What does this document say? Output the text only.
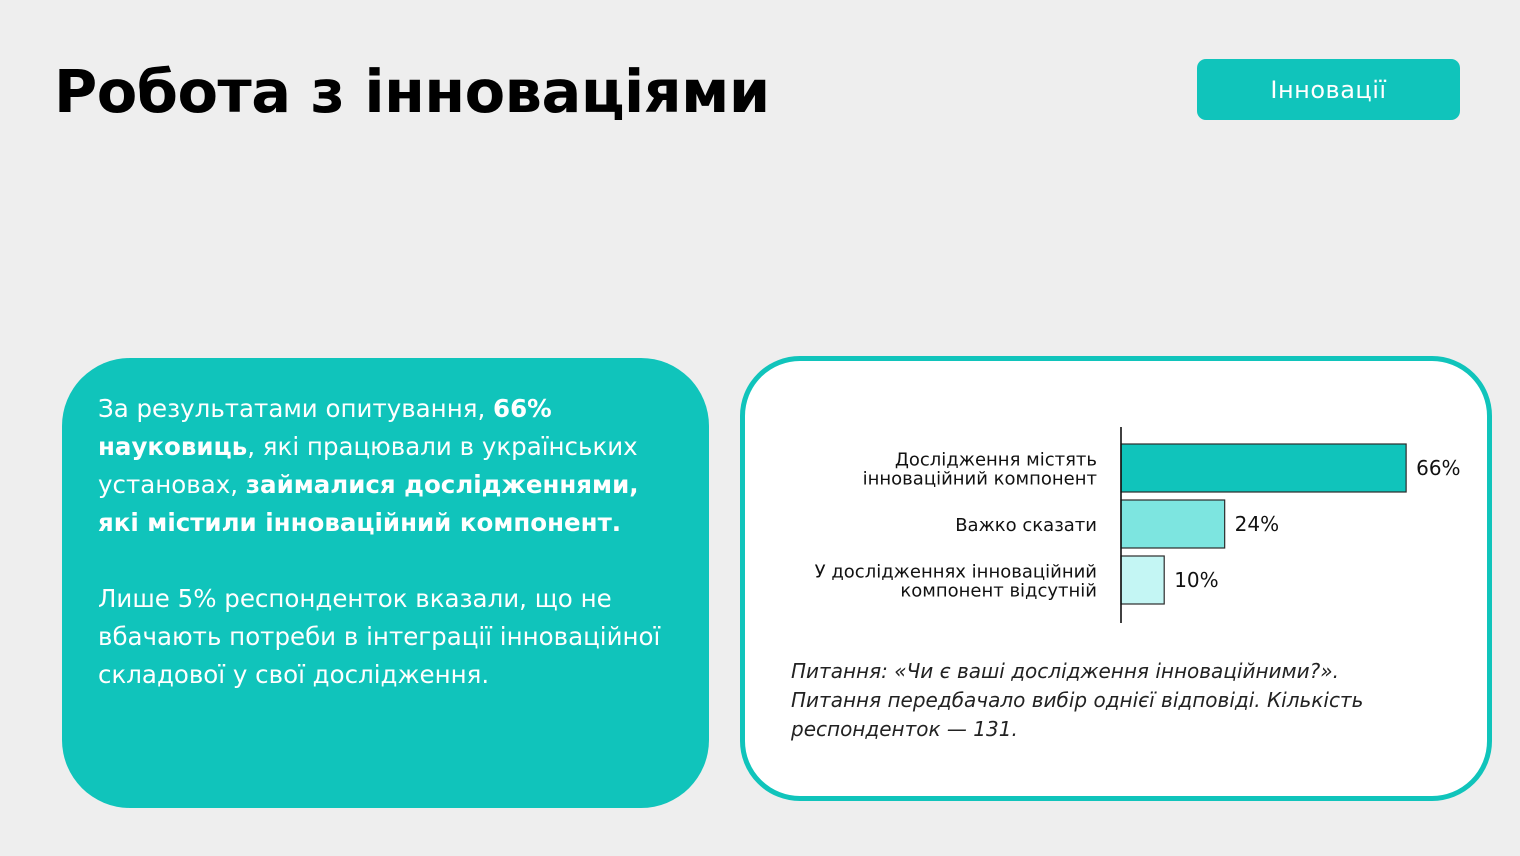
Робота з інноваціями	Інновації

За результатами опитування, 66% науковиць, які працювали в українських установах, займалися дослідженнями, які містили інноваційний компонент.

Лише 5% респонденток вказали, що не вбачають потреби в інтеграції інноваційної складової у свої дослідження.

66%
Дослідження містять інноваційний компонент
24%
Важко сказати
10%
У дослідженнях інноваційний компонент відсутній

Питання: «Чи є ваші дослідження інноваційними?». Питання передбачало вибір однієї відповіді. Кількість респонденток — 131.
